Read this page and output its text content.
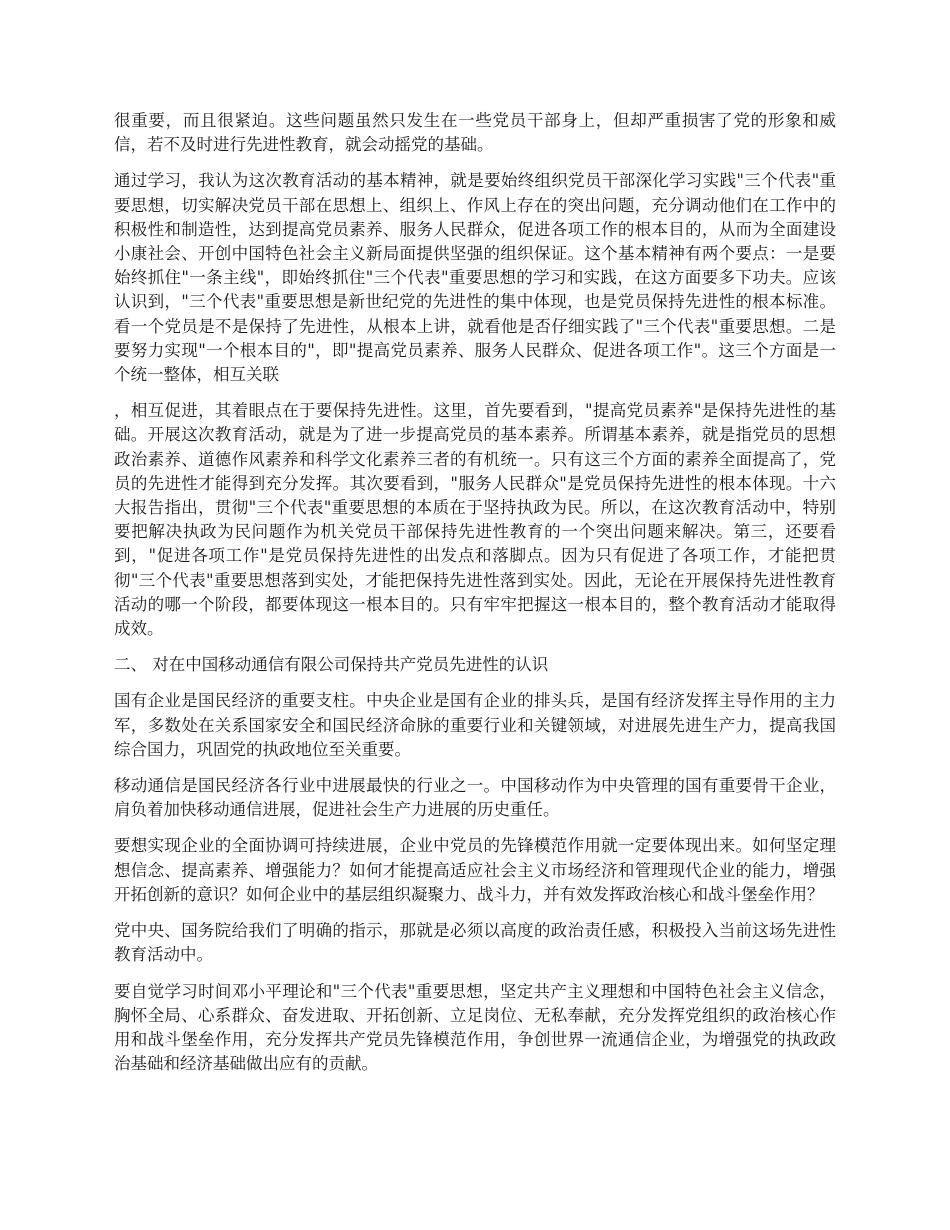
很重要，而且很紧迫。这些问题虽然只发生在一些党员干部身上，但却严重损害了党的形象和威信，若不及时进行先进性教育，就会动摇党的基础。

通过学习，我认为这次教育活动的基本精神，就是要始终组织党员干部深化学习实践"三个代表"重要思想，切实解决党员干部在思想上、组织上、作风上存在的突出问题，充分调动他们在工作中的积极性和制造性，达到提高党员素养、服务人民群众，促进各项工作的根本目的，从而为全面建设小康社会、开创中国特色社会主义新局面提供坚强的组织保证。这个基本精神有两个要点：一是要始终抓住"一条主线"，即始终抓住"三个代表"重要思想的学习和实践，在这方面要多下功夫。应该认识到，"三个代表"重要思想是新世纪党的先进性的集中体现，也是党员保持先进性的根本标准。看一个党员是不是保持了先进性，从根本上讲，就看他是否仔细实践了"三个代表"重要思想。二是要努力实现"一个根本目的"，即"提高党员素养、服务人民群众、促进各项工作"。这三个方面是一个统一整体，相互关联

，相互促进，其着眼点在于要保持先进性。这里，首先要看到，"提高党员素养"是保持先进性的基础。开展这次教育活动，就是为了进一步提高党员的基本素养。所谓基本素养，就是指党员的思想政治素养、道德作风素养和科学文化素养三者的有机统一。只有这三个方面的素养全面提高了，党员的先进性才能得到充分发挥。其次要看到，"服务人民群众"是党员保持先进性的根本体现。十六大报告指出，贯彻"三个代表"重要思想的本质在于坚持执政为民。所以，在这次教育活动中，特别要把解决执政为民问题作为机关党员干部保持先进性教育的一个突出问题来解决。第三，还要看到，"促进各项工作"是党员保持先进性的出发点和落脚点。因为只有促进了各项工作，才能把贯彻"三个代表"重要思想落到实处，才能把保持先进性落到实处。因此，无论在开展保持先进性教育活动的哪一个阶段，都要体现这一根本目的。只有牢牢把握这一根本目的，整个教育活动才能取得成效。

二、 对在中国移动通信有限公司保持共产党员先进性的认识

国有企业是国民经济的重要支柱。中央企业是国有企业的排头兵，是国有经济发挥主导作用的主力军，多数处在关系国家安全和国民经济命脉的重要行业和关键领域，对进展先进生产力，提高我国综合国力，巩固党的执政地位至关重要。

移动通信是国民经济各行业中进展最快的行业之一。中国移动作为中央管理的国有重要骨干企业，肩负着加快移动通信进展，促进社会生产力进展的历史重任。

要想实现企业的全面协调可持续进展，企业中党员的先锋模范作用就一定要体现出来。如何坚定理想信念、提高素养、增强能力？如何才能提高适应社会主义市场经济和管理现代企业的能力，增强开拓创新的意识？如何企业中的基层组织凝聚力、战斗力，并有效发挥政治核心和战斗堡垒作用？

党中央、国务院给我们了明确的指示，那就是必须以高度的政治责任感，积极投入当前这场先进性教育活动中。

要自觉学习时间邓小平理论和"三个代表"重要思想，坚定共产主义理想和中国特色社会主义信念，胸怀全局、心系群众、奋发进取、开拓创新、立足岗位、无私奉献，充分发挥党组织的政治核心作用和战斗堡垒作用，充分发挥共产党员先锋模范作用，争创世界一流通信企业，为增强党的执政政治基础和经济基础做出应有的贡献。
